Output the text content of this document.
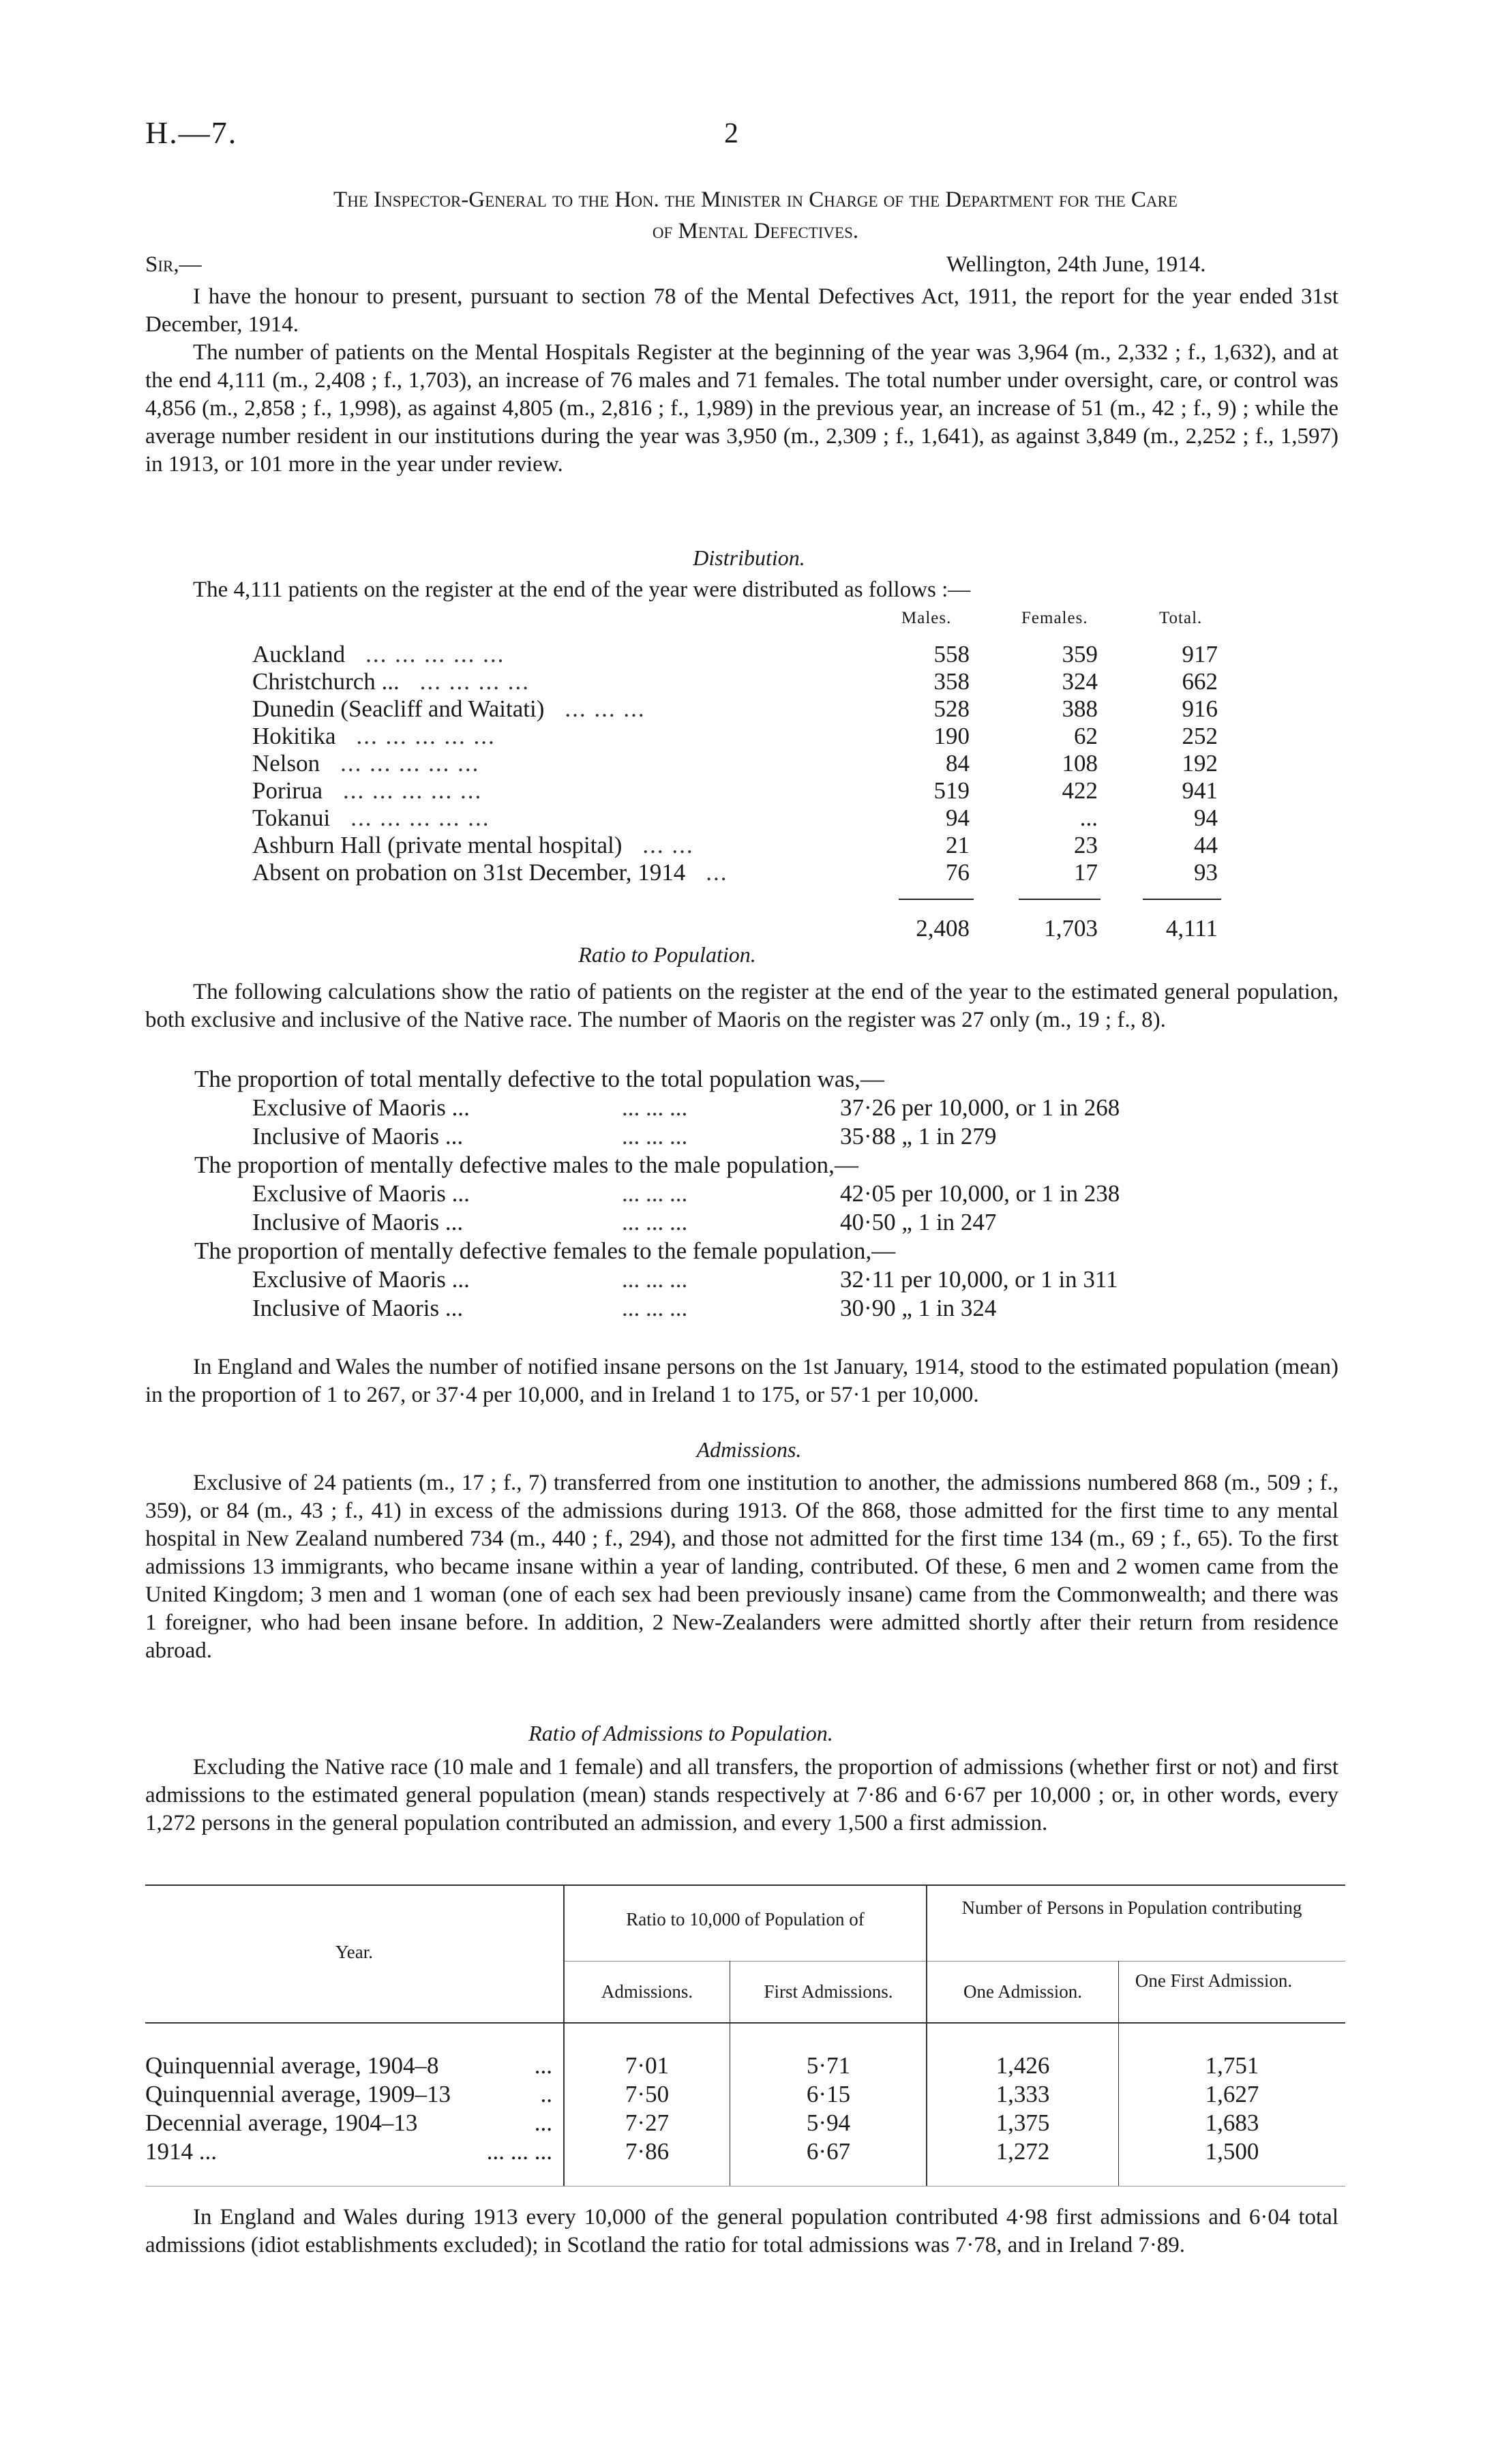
H.—7.	2
The Inspector-General to the Hon. the Minister in Charge of the Department for the Care
of Mental Defectives.
Sir,—	Wellington, 24th June, 1914.
I have the honour to present, pursuant to section 78 of the Mental Defectives Act, 1911, the report for the year ended 31st December, 1914.
The number of patients on the Mental Hospitals Register at the beginning of the year was 3,964 (m., 2,332 ; f., 1,632), and at the end 4,111 (m., 2,408 ; f., 1,703), an increase of 76 males and 71 females. The total number under oversight, care, or control was 4,856 (m., 2,858 ; f., 1,998), as against 4,805 (m., 2,816 ; f., 1,989) in the previous year, an increase of 51 (m., 42 ; f., 9) ; while the average number resident in our institutions during the year was 3,950 (m., 2,309 ; f., 1,641), as against 3,849 (m., 2,252 ; f., 1,597) in 1913, or 101 more in the year under review.
Distribution.
The 4,111 patients on the register at the end of the year were distributed as follows :—
Males.	Females.	Total.
Auckland ... ... ... ... ...	558	359	917
Christchurch ... ... ... ... ...	358	324	662
Dunedin (Seacliff and Waitati) ... ... ...	528	388	916
Hokitika ... ... ... ... ...	190	62	252
Nelson ... ... ... ... ...	84	108	192
Porirua ... ... ... ... ...	519	422	941
Tokanui ... ... ... ... ...	94	...	94
Ashburn Hall (private mental hospital) ... ...	21	23	44
Absent on probation on 31st December, 1914 ...	76	17	93
2,408	1,703	4,111
Ratio to Population.
The following calculations show the ratio of patients on the register at the end of the year to the estimated general population, both exclusive and inclusive of the Native race. The number of Maoris on the register was 27 only (m., 19 ; f., 8).
The proportion of total mentally defective to the total population was,—
Exclusive of Maoris ...	... ... ...	37·26 per 10,000, or 1 in 268
Inclusive of Maoris ...	... ... ...	35·88 „ 1 in 279
The proportion of mentally defective males to the male population,—
Exclusive of Maoris ...	... ... ...	42·05 per 10,000, or 1 in 238
Inclusive of Maoris ...	... ... ...	40·50 „ 1 in 247
The proportion of mentally defective females to the female population,—
Exclusive of Maoris ...	... ... ...	32·11 per 10,000, or 1 in 311
Inclusive of Maoris ...	... ... ...	30·90 „ 1 in 324
In England and Wales the number of notified insane persons on the 1st January, 1914, stood to the estimated population (mean) in the proportion of 1 to 267, or 37·4 per 10,000, and in Ireland 1 to 175, or 57·1 per 10,000.
Admissions.
Exclusive of 24 patients (m., 17 ; f., 7) transferred from one institution to another, the admissions numbered 868 (m., 509 ; f., 359), or 84 (m., 43 ; f., 41) in excess of the admissions during 1913. Of the 868, those admitted for the first time to any mental hospital in New Zealand numbered 734 (m., 440 ; f., 294), and those not admitted for the first time 134 (m., 69 ; f., 65). To the first admissions 13 immigrants, who became insane within a year of landing, contributed. Of these, 6 men and 2 women came from the United Kingdom; 3 men and 1 woman (one of each sex had been previously insane) came from the Commonwealth; and there was 1 foreigner, who had been insane before. In addition, 2 New-Zealanders were admitted shortly after their return from residence abroad.
Ratio of Admissions to Population.
Excluding the Native race (10 male and 1 female) and all transfers, the proportion of admissions (whether first or not) and first admissions to the estimated general population (mean) stands respectively at 7·86 and 6·67 per 10,000 ; or, in other words, every 1,272 persons in the general population contributed an admission, and every 1,500 a first admission.
Year.
Ratio to 10,000 of Population of
Number of Persons in Population contributing
Admissions.	First Admissions.	One Admission.
One First Admission.
Quinquennial average, 1904–8	...	7·01	5·71	1,426	1,751
Quinquennial average, 1909–13	..	7·50	6·15	1,333	1,627
Decennial average, 1904–13	...	7·27	5·94	1,375	1,683
1914 ...	... ... ...	7·86	6·67	1,272	1,500
In England and Wales during 1913 every 10,000 of the general population contributed 4·98 first admissions and 6·04 total admissions (idiot establishments excluded); in Scotland the ratio for total admissions was 7·78, and in Ireland 7·89.
